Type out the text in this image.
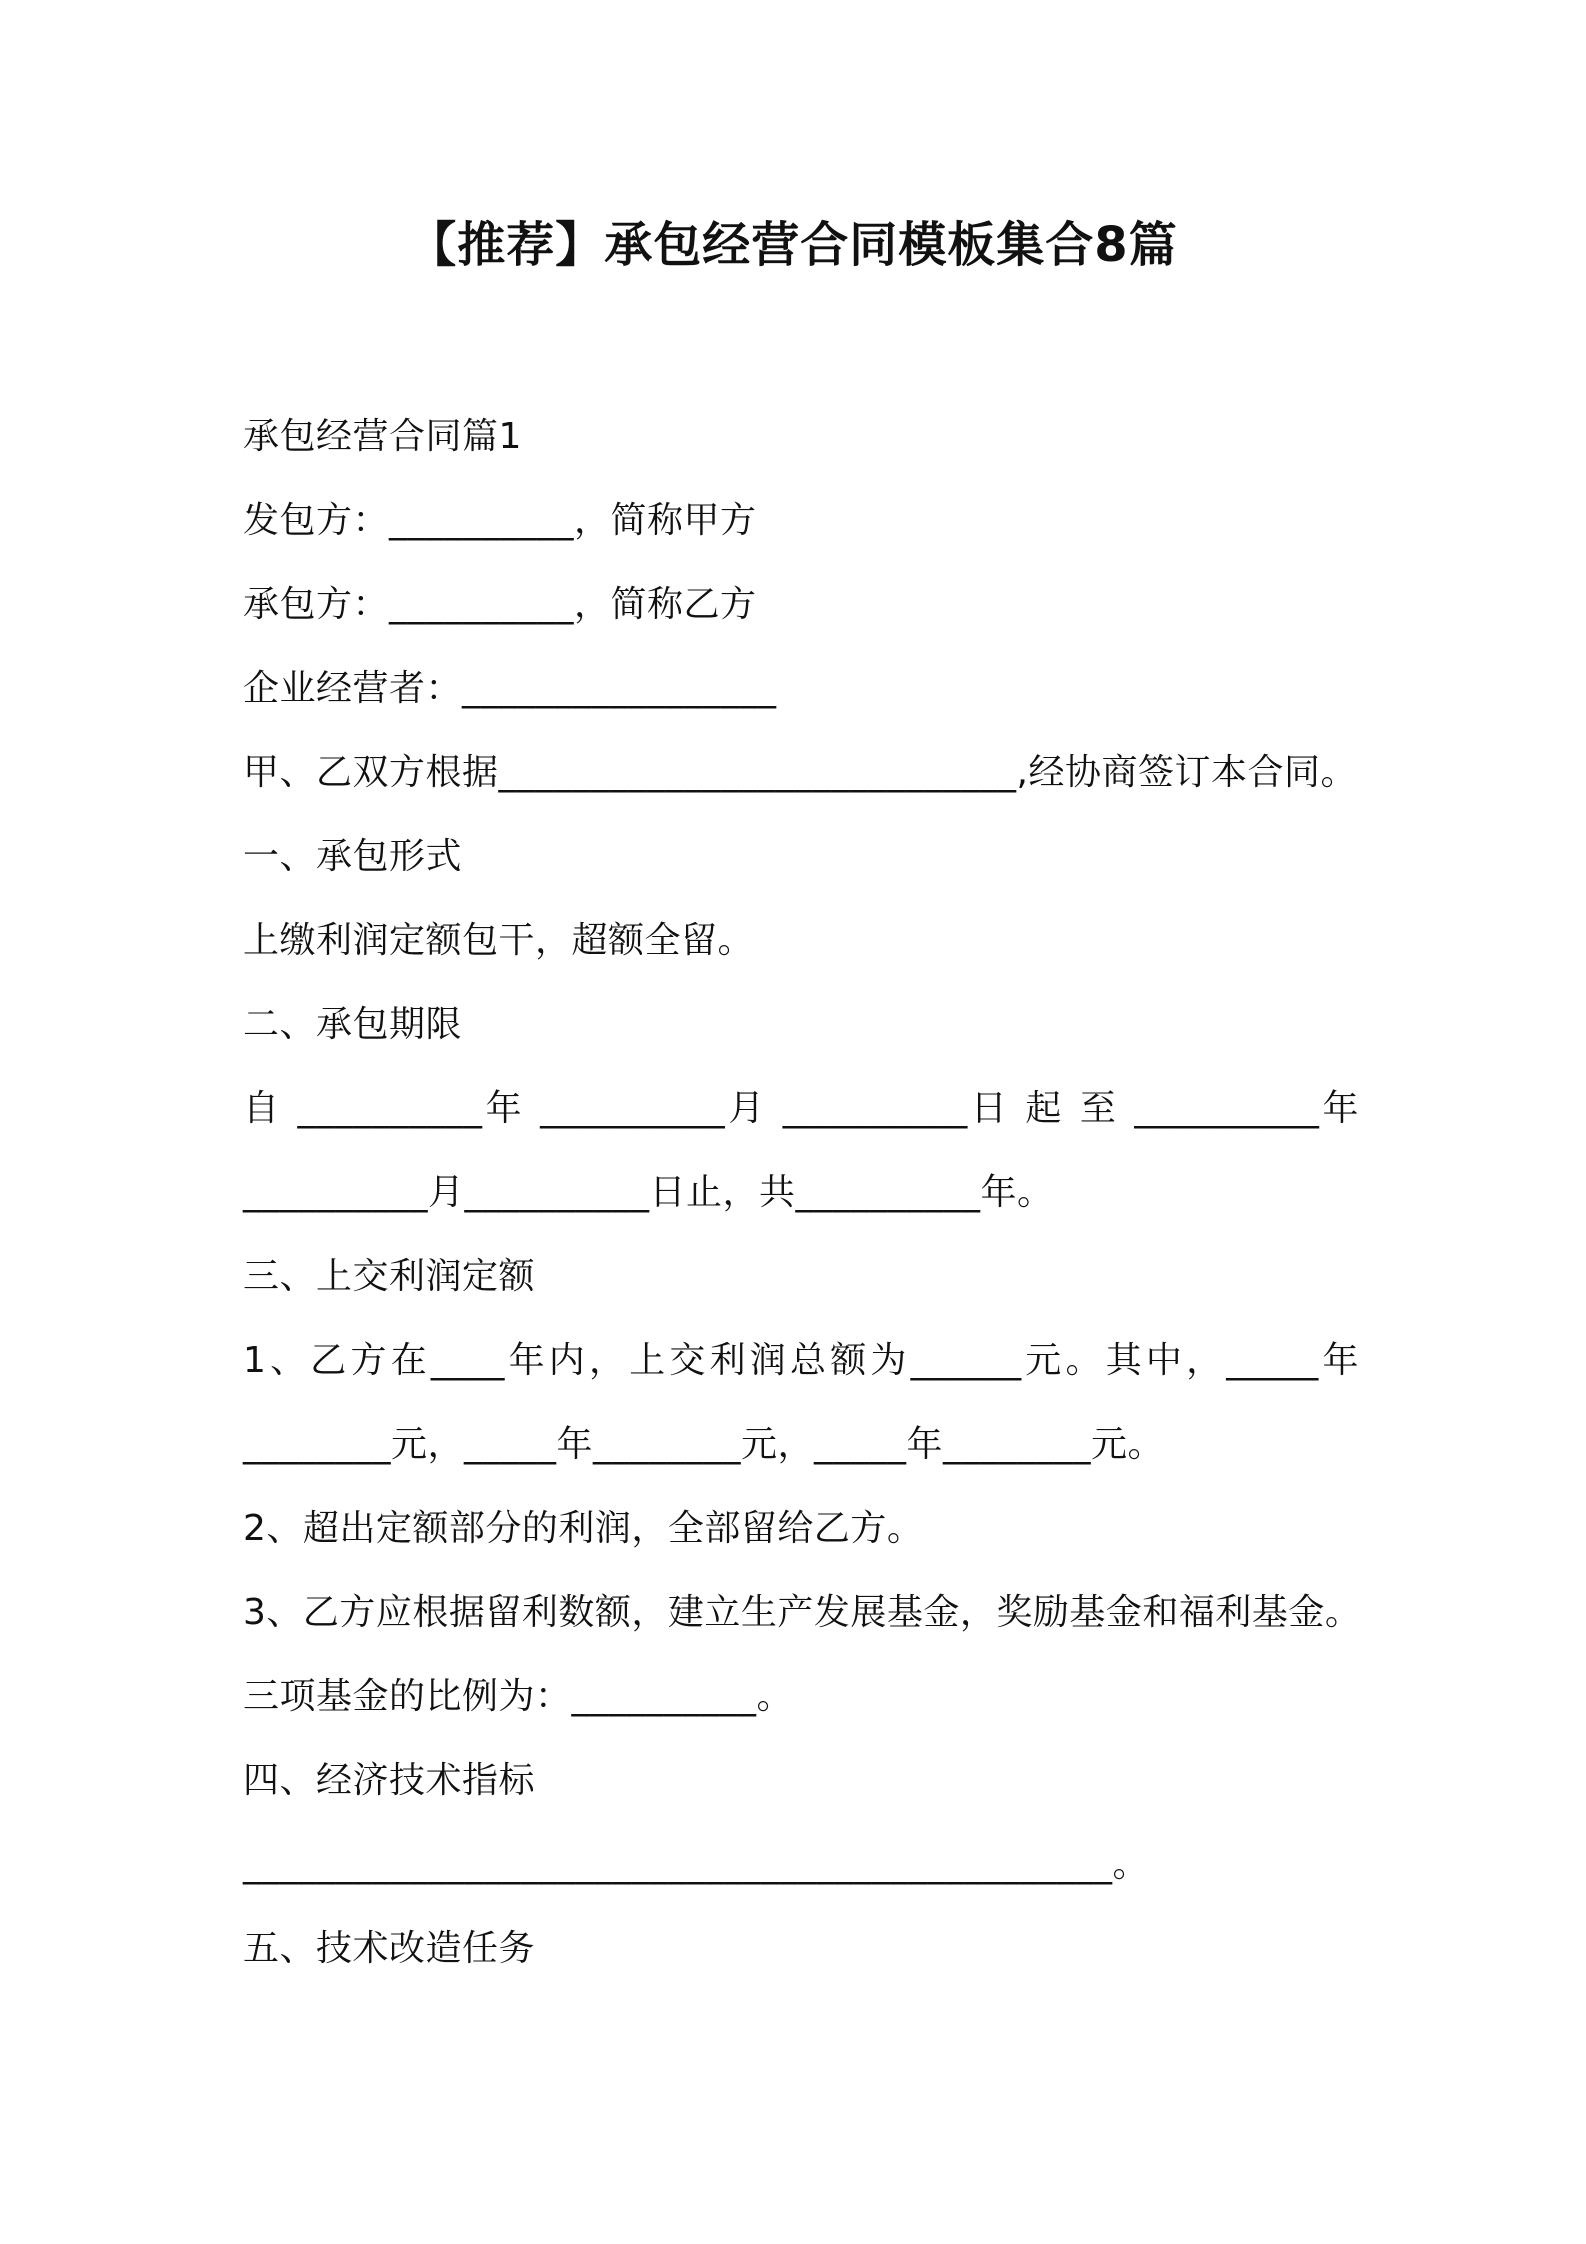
【推荐】承包经营合同模板集合8篇
承包经营合同篇1
发包方：__________，简称甲方
承包方：__________，简称乙方
企业经营者：_________________
甲、乙双方根据____________________________,经协商签订本合同。
一、承包形式
上缴利润定额包干，超额全留。
二、承包期限
自 __________年 __________月 __________日 起 至 __________年
__________月__________日止，共__________年。
三、上交利润定额
1、乙方在____年内，上交利润总额为______元。其中，_____年
________元，_____年________元，_____年________元。
2、超出定额部分的利润，全部留给乙方。
3、乙方应根据留利数额，建立生产发展基金，奖励基金和福利基金。
三项基金的比例为：__________。
四、经济技术指标
_______________________________________________。
五、技术改造任务
